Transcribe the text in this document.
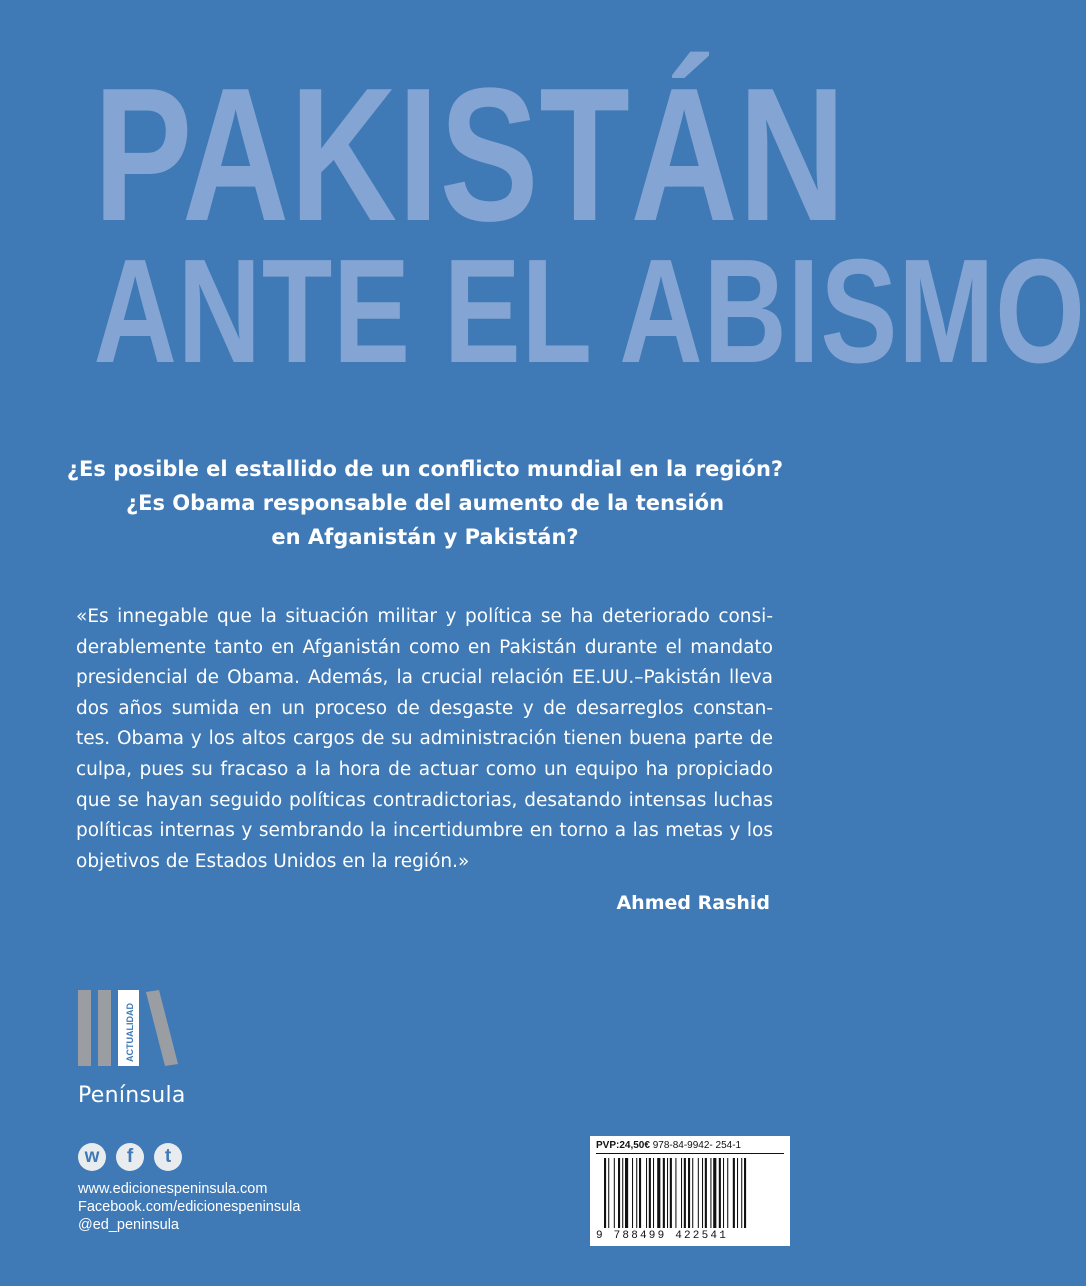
PAKISTÁN
ANTE EL ABISMO
¿Es posible el estallido de un conflicto mundial en la región?
¿Es Obama responsable del aumento de la tensión
en Afganistán y Pakistán?
«Es innegable que la situación militar y política se ha deteriorado consi-
derablemente tanto en Afganistán como en Pakistán durante el mandato
presidencial de Obama. Además, la crucial relación EE.UU.–Pakistán lleva
dos años sumida en un proceso de desgaste y de desarreglos constan-
tes. Obama y los altos cargos de su administración tienen buena parte de
culpa, pues su fracaso a la hora de actuar como un equipo ha propiciado
que se hayan seguido políticas contradictorias, desatando intensas luchas
políticas internas y sembrando la incertidumbre en torno a las metas y los
objetivos de Estados Unidos en la región.»
Ahmed Rashid
ACTUALIDAD
Península
w f t
www.edicionespeninsula.com
Facebook.com/edicionespeninsula
@ed_peninsula
PVP:24,50€ 978-84-9942- 254-1
9 788499 422541
